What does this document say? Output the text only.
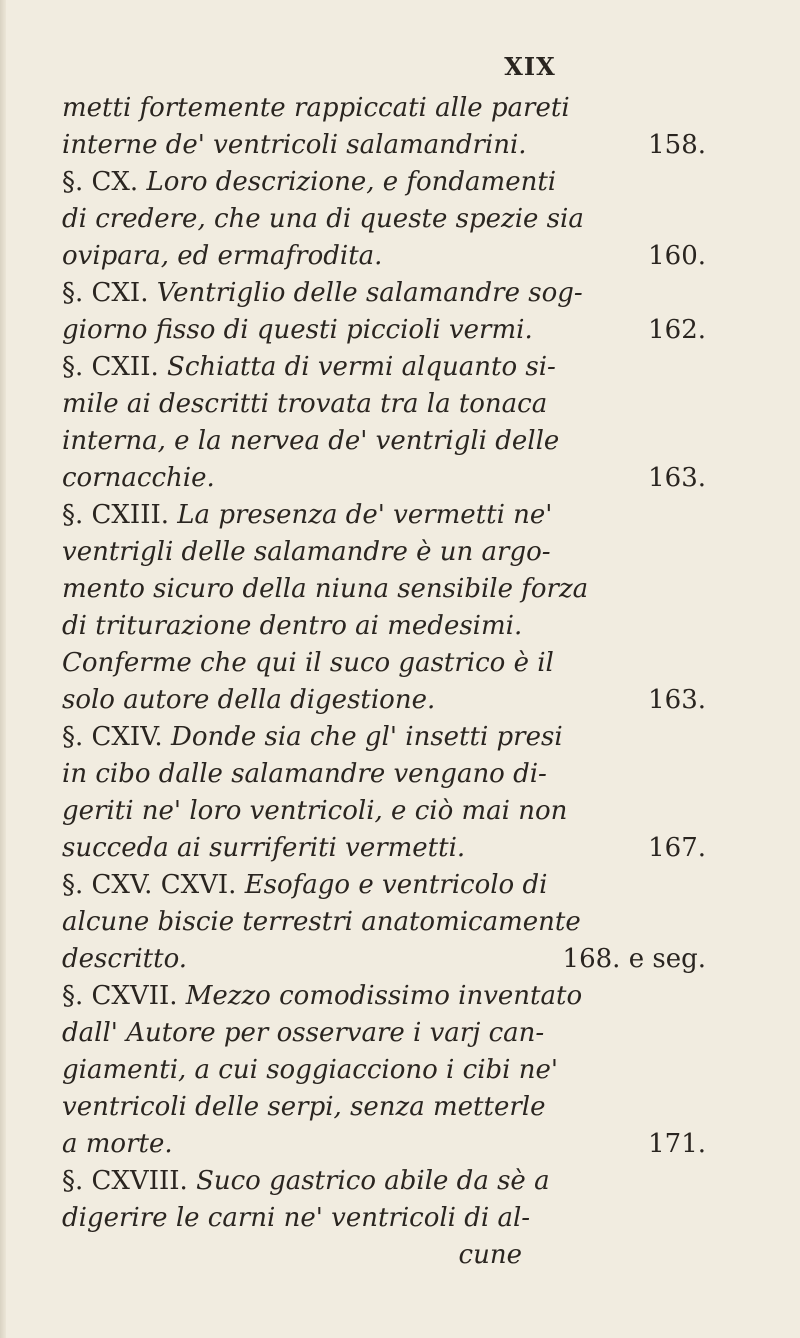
XIX
metti fortemente rappiccati alle pareti
interne de' ventricoli salamandrini.	158.
§. CX. Loro descrizione, e fondamenti
di credere, che una di queste spezie sia
ovipara, ed ermafrodita.	160.
§. CXI. Ventriglio delle salamandre sog-
giorno fisso di questi piccioli vermi.	162.
§. CXII. Schiatta di vermi alquanto si-
mile ai descritti trovata tra la tonaca
interna, e la nervea de' ventrigli delle
cornacchie.	163.
§. CXIII. La presenza de' vermetti ne'
ventrigli delle salamandre è un argo-
mento sicuro della niuna sensibile forza
di triturazione dentro ai medesimi.
Conferme che qui il suco gastrico è il
solo autore della digestione.	163.
§. CXIV. Donde sia che gl' insetti presi
in cibo dalle salamandre vengano di-
geriti ne' loro ventricoli, e ciò mai non
succeda ai surriferiti vermetti.	167.
§. CXV. CXVI. Esofago e ventricolo di
alcune biscie terrestri anatomicamente
descritto.	168. e seg.
§. CXVII. Mezzo comodissimo inventato
dall' Autore per osservare i varj can-
giamenti, a cui soggiacciono i cibi ne'
ventricoli delle serpi, senza metterle
a morte.	171.
§. CXVIII. Suco gastrico abile da sè a
digerire le carni ne' ventricoli di al-
cune
